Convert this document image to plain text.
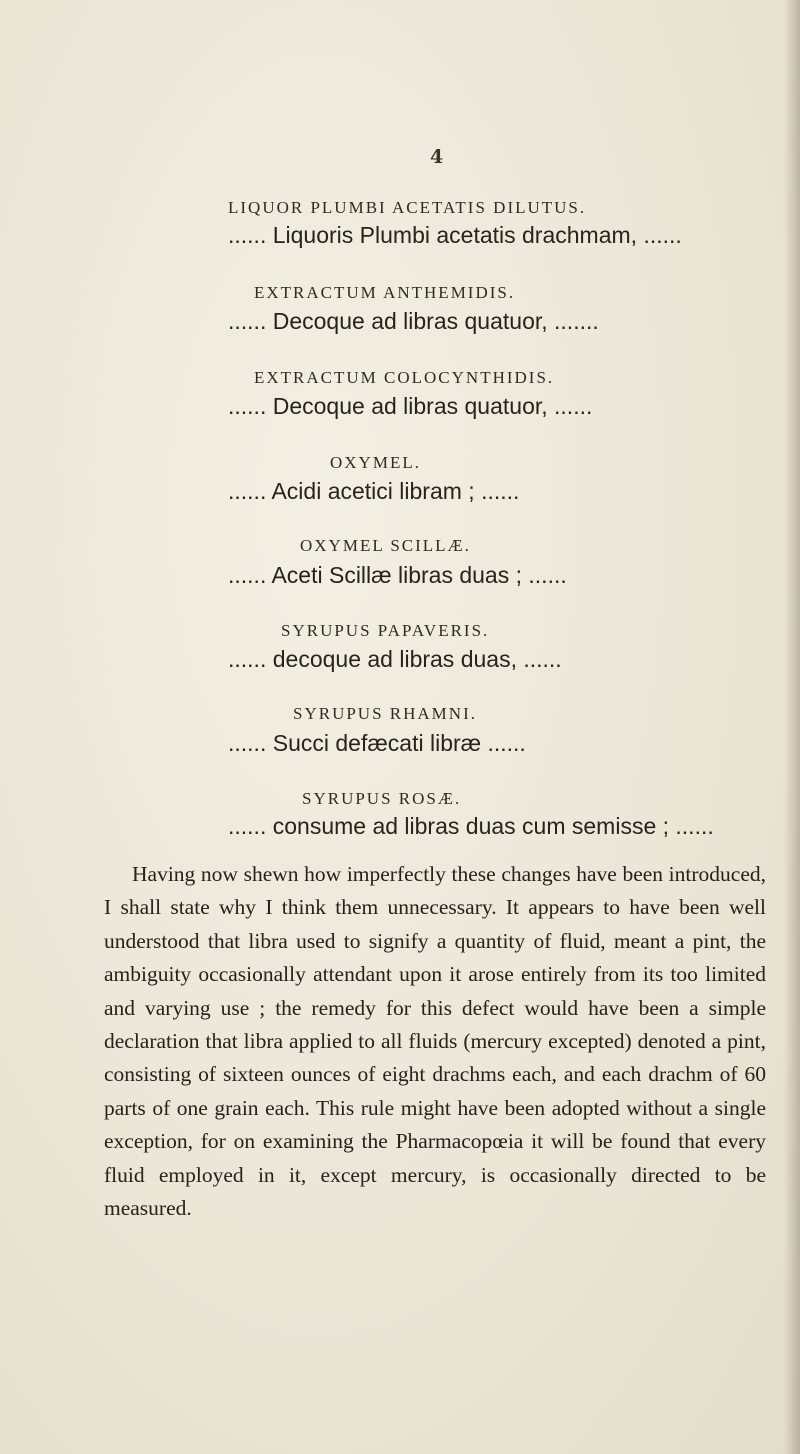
4
LIQUOR PLUMBI ACETATIS DILUTUS.
...... Liquoris Plumbi acetatis drachmam, ......
EXTRACTUM ANTHEMIDIS.
...... Decoque ad libras quatuor, .......
EXTRACTUM COLOCYNTHIDIS.
...... Decoque ad libras quatuor, ......
OXYMEL.
...... Acidi acetici libram ; ......
OXYMEL SCILLÆ.
...... Aceti Scillæ libras duas ; ......
SYRUPUS PAPAVERIS.
...... decoque ad libras duas, ......
SYRUPUS RHAMNI.
...... Succi defæcati libræ ......
SYRUPUS ROSÆ.
...... consume ad libras duas cum semisse ; ......
Having now shewn how imperfectly these changes have been introduced, I shall state why I think them unnecessary. It appears to have been well understood that libra used to signify a quantity of fluid, meant a pint, the ambiguity occasionally attendant upon it arose entirely from its too limited and varying use ; the remedy for this defect would have been a simple declaration that libra applied to all fluids (mercury excepted) denoted a pint, consisting of sixteen ounces of eight drachms each, and each drachm of 60 parts of one grain each. This rule might have been adopted without a single exception, for on examining the Pharmacopœia it will be found that every fluid employed in it, except mercury, is occasionally directed to be measured.
